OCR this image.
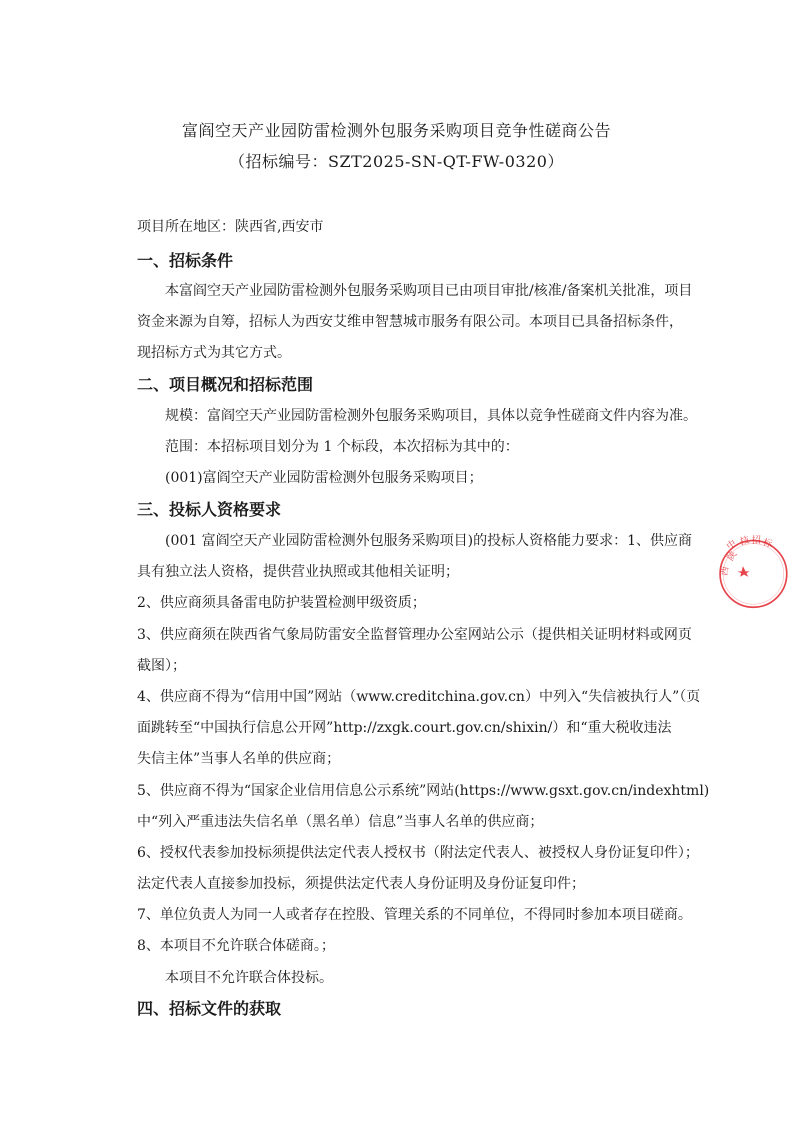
富阎空天产业园防雷检测外包服务采购项目竞争性磋商公告
（招标编号：SZT2025-SN-QT-FW-0320）
项目所在地区：陕西省,西安市
一、招标条件
本富阎空天产业园防雷检测外包服务采购项目已由项目审批/核准/备案机关批准，项目
资金来源为自筹，招标人为西安艾维申智慧城市服务有限公司。本项目已具备招标条件，
现招标方式为其它方式。
二、项目概况和招标范围
规模：富阎空天产业园防雷检测外包服务采购项目，具体以竞争性磋商文件内容为准。
范围：本招标项目划分为 1 个标段，本次招标为其中的：
(001)富阎空天产业园防雷检测外包服务采购项目；
三、投标人资格要求
(001 富阎空天产业园防雷检测外包服务采购项目)的投标人资格能力要求：1、供应商
具有独立法人资格，提供营业执照或其他相关证明；
2、供应商须具备雷电防护装置检测甲级资质；
3、供应商须在陕西省气象局防雷安全监督管理办公室网站公示（提供相关证明材料或网页
截图）；
4、供应商不得为“信用中国”网站（www.creditchina.gov.cn）中列入“失信被执行人”（页
面跳转至“中国执行信息公开网”http://zxgk.court.gov.cn/shixin/）和“重大税收违法
失信主体”当事人名单的供应商；
5、供应商不得为“国家企业信用信息公示系统”网站(https://www.gsxt.gov.cn/indexhtml)
中“列入严重违法失信名单（黑名单）信息”当事人名单的供应商；
6、授权代表参加投标须提供法定代表人授权书（附法定代表人、被授权人身份证复印件）；
法定代表人直接参加投标，须提供法定代表人身份证明及身份证复印件；
7、单位负责人为同一人或者存在控股、管理关系的不同单位，不得同时参加本项目磋商。
8、本项目不允许联合体磋商。；
本项目不允许联合体投标。
四、招标文件的获取
陕
西
中 技 招 标
